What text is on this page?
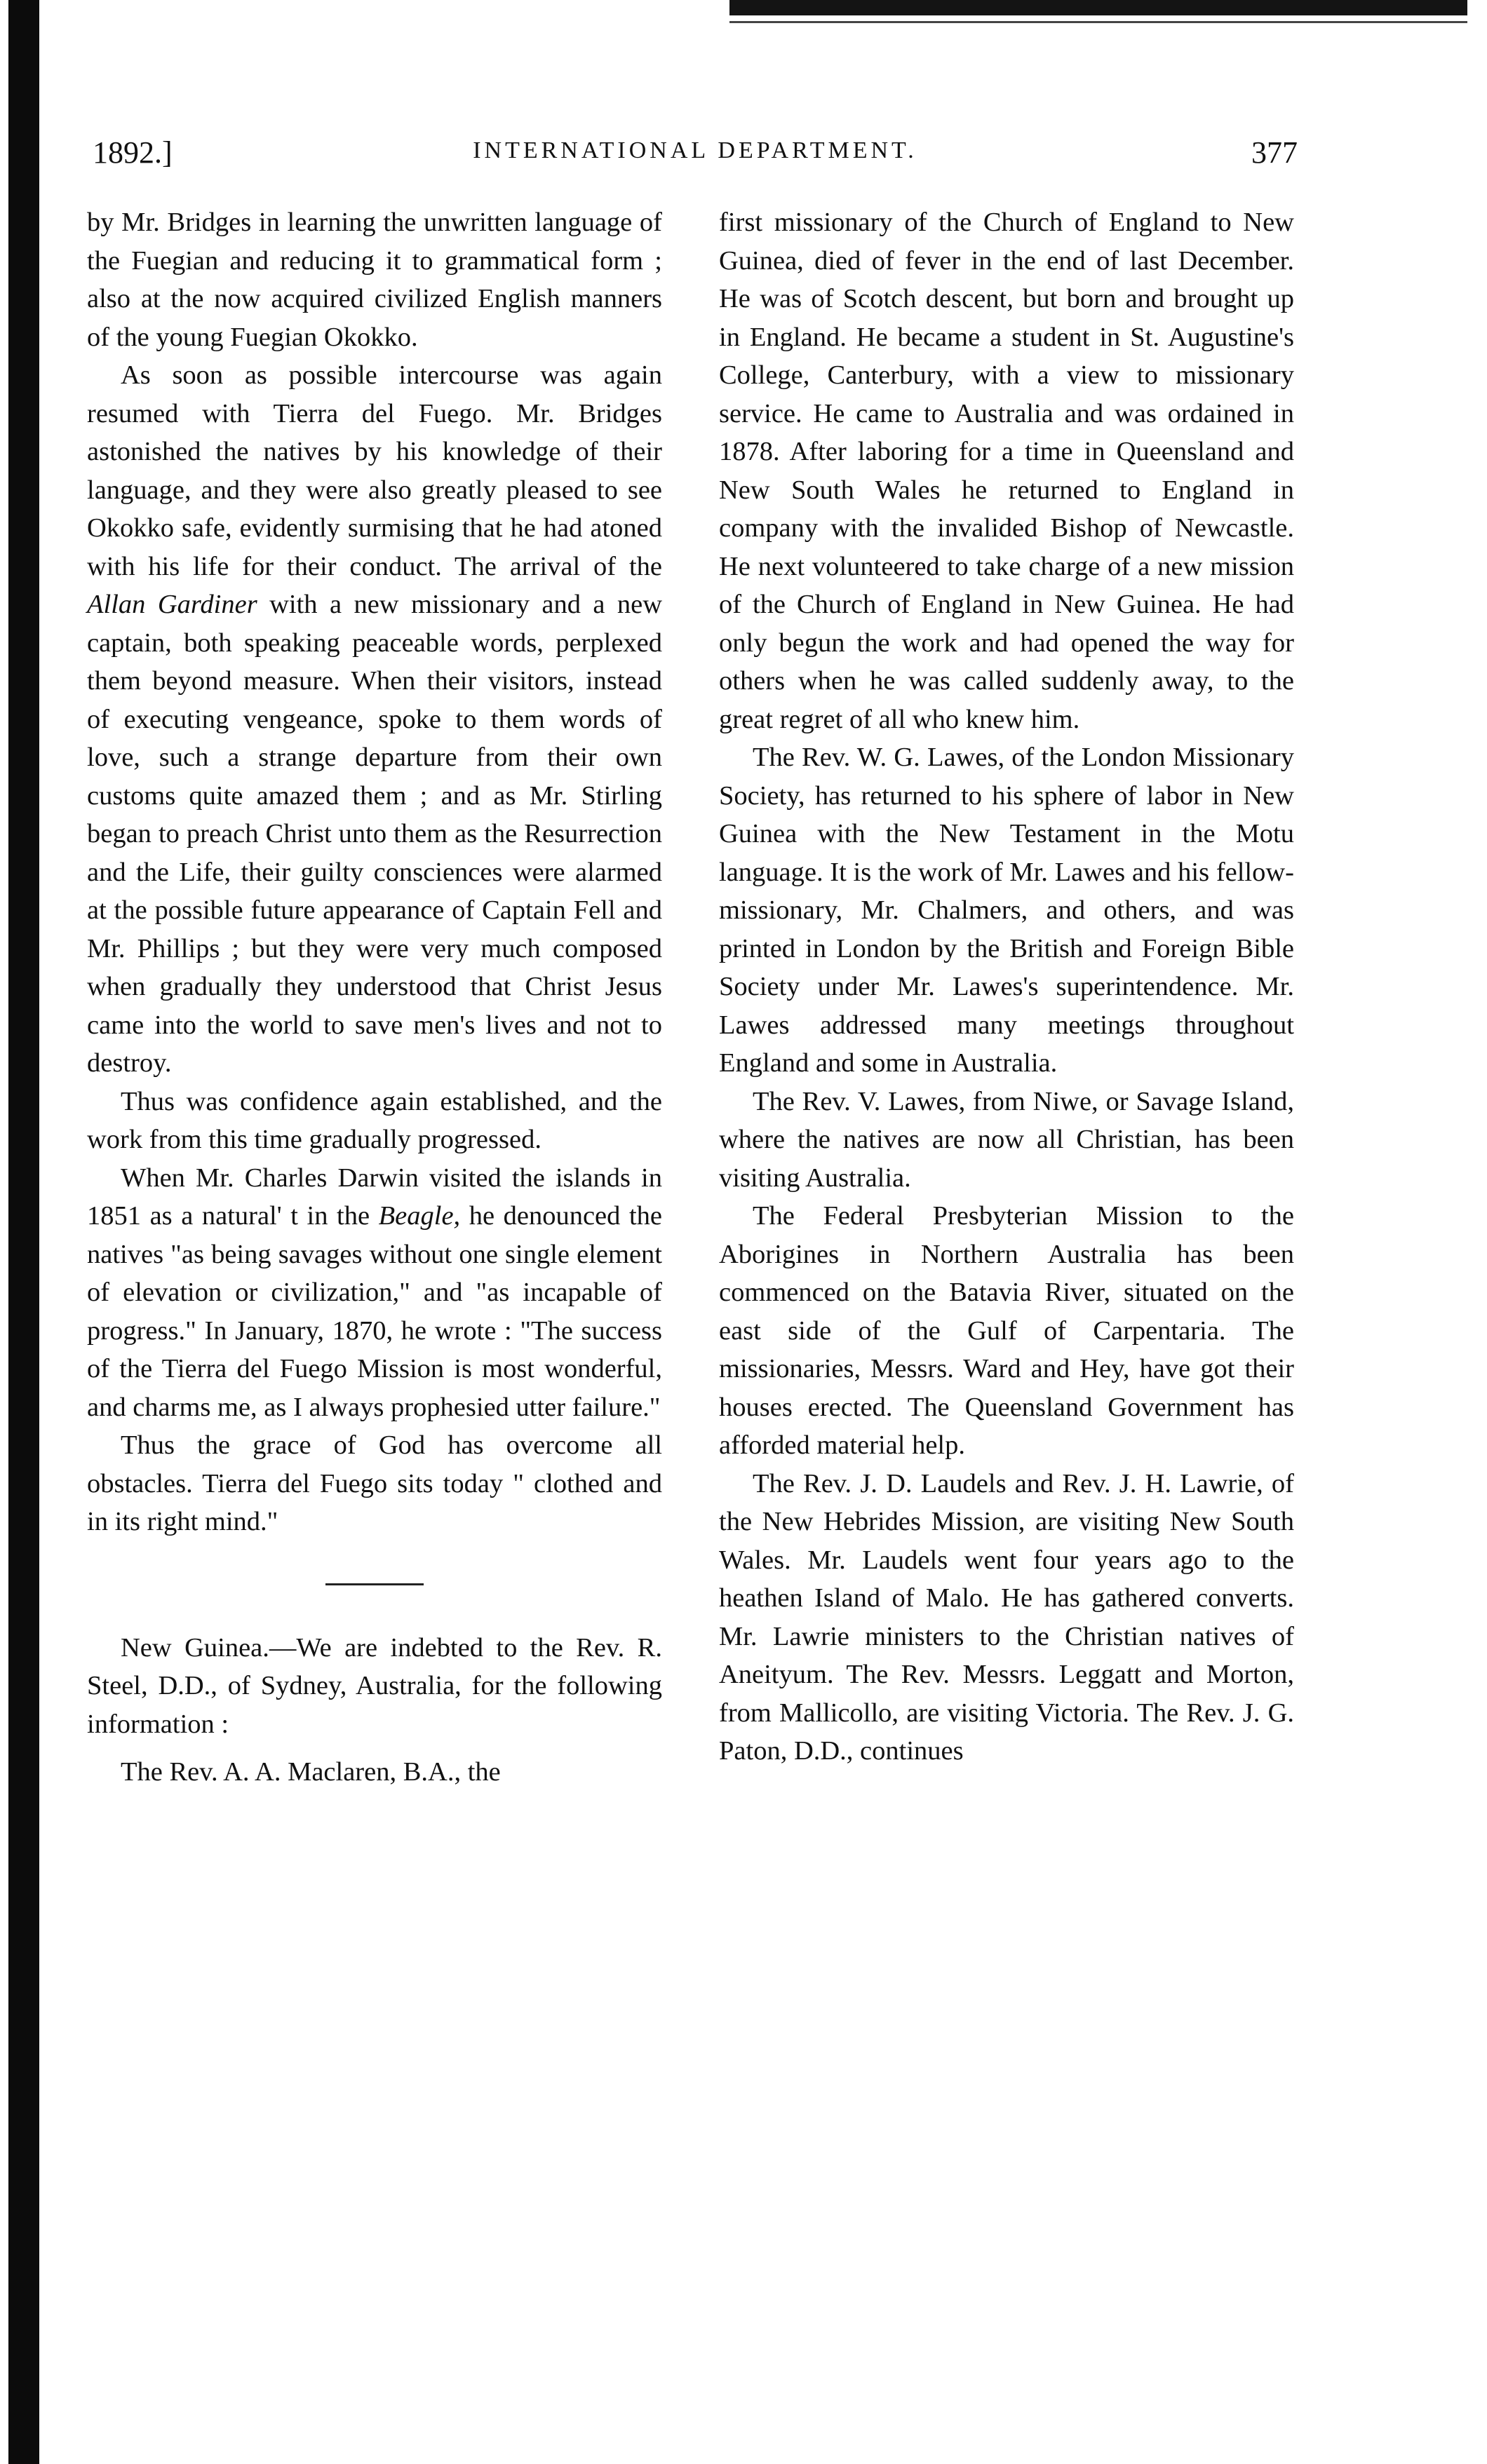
1892.]	INTERNATIONAL DEPARTMENT.	377

by Mr. Bridges in learning the unwritten language of the Fuegian and reducing it to grammatical form ; also at the now acquired civilized English manners of the young Fuegian Okokko.

As soon as possible intercourse was again resumed with Tierra del Fuego. Mr. Bridges astonished the natives by his knowledge of their language, and they were also greatly pleased to see Okokko safe, evidently surmising that he had atoned with his life for their conduct. The arrival of the Allan Gardiner with a new missionary and a new captain, both speaking peaceable words, perplexed them beyond measure. When their visitors, instead of executing vengeance, spoke to them words of love, such a strange departure from their own customs quite amazed them ; and as Mr. Stirling began to preach Christ unto them as the Resurrection and the Life, their guilty consciences were alarmed at the possible future appearance of Captain Fell and Mr. Phillips ; but they were very much composed when gradually they understood that Christ Jesus came into the world to save men's lives and not to destroy.

Thus was confidence again established, and the work from this time gradually progressed.

When Mr. Charles Darwin visited the islands in 1851 as a natural' t in the Beagle, he denounced the natives "as being savages without one single element of elevation or civilization," and "as incapable of progress." In January, 1870, he wrote : "The success of the Tierra del Fuego Mission is most wonderful, and charms me, as I always prophesied utter failure."

Thus the grace of God has overcome all obstacles. Tierra del Fuego sits today " clothed and in its right mind."

New Guinea.—We are indebted to the Rev. R. Steel, D.D., of Sydney, Australia, for the following information :

The Rev. A. A. Maclaren, B.A., the

first missionary of the Church of England to New Guinea, died of fever in the end of last December. He was of Scotch descent, but born and brought up in England. He became a student in St. Augustine's College, Canterbury, with a view to missionary service. He came to Australia and was ordained in 1878. After laboring for a time in Queensland and New South Wales he returned to England in company with the invalided Bishop of Newcastle. He next volunteered to take charge of a new mission of the Church of England in New Guinea. He had only begun the work and had opened the way for others when he was called suddenly away, to the great regret of all who knew him.

The Rev. W. G. Lawes, of the London Missionary Society, has returned to his sphere of labor in New Guinea with the New Testament in the Motu language. It is the work of Mr. Lawes and his fellow-missionary, Mr. Chalmers, and others, and was printed in London by the British and Foreign Bible Society under Mr. Lawes's superintendence. Mr. Lawes addressed many meetings throughout England and some in Australia.

The Rev. V. Lawes, from Niwe, or Savage Island, where the natives are now all Christian, has been visiting Australia.

The Federal Presbyterian Mission to the Aborigines in Northern Australia has been commenced on the Batavia River, situated on the east side of the Gulf of Carpentaria. The missionaries, Messrs. Ward and Hey, have got their houses erected. The Queensland Government has afforded material help.

The Rev. J. D. Laudels and Rev. J. H. Lawrie, of the New Hebrides Mission, are visiting New South Wales. Mr. Laudels went four years ago to the heathen Island of Malo. He has gathered converts. Mr. Lawrie ministers to the Christian natives of Aneityum. The Rev. Messrs. Leggatt and Morton, from Mallicollo, are visiting Victoria. The Rev. J. G. Paton, D.D., continues
